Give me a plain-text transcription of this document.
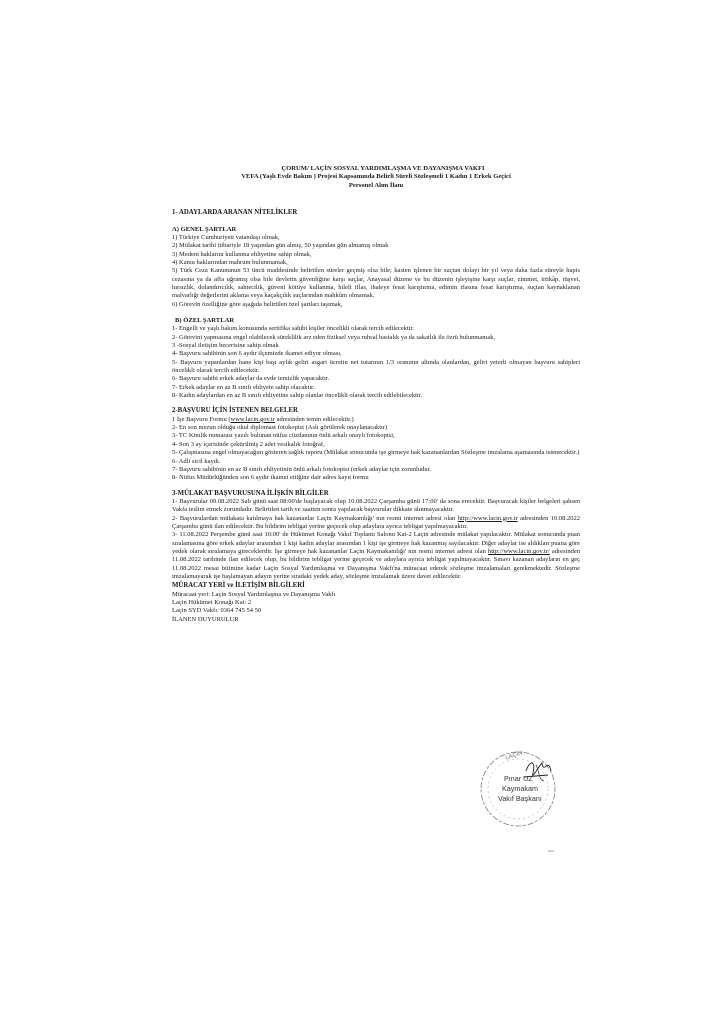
ÇORUM/ LAÇİN SOSYAL YARDIMLAŞMA VE DAYANIŞMA VAKFI
VEFA (Yaşlı Evde Bakım ) Projesi Kapsamında Belirli Süreli Sözleşmeli 1 Kadın 1 Erkek Geçici
Personel Alım İlanı
1- ADAYLARDA ARANAN NİTELİKLER
A) GENEL ŞARTLAR
1) Türkiye Cumhuriyeti vatandaşı olmak,
2) Mülakat tarihi itibariyle 18 yaşından gün almış, 50 yaşından gün almamış olmak
3) Medeni haklarını kullanma ehliyetine sahip olmak,
4) Kamu haklarından mahrum bulunmamak,
5) Türk Ceza Kanununun 53 üncü maddesinde belirtilen süreler geçmiş olsa bile; kasten işlenen bir suçtan dolayı bir yıl veya daha fazla süreyle hapis cezasına ya da affa uğramış olsa bile devletin güvenliğine karşı suçlar, Anayasal düzene ve bu düzenin işleyişine karşı suçlar, zimmet, irtikâp, rüşvet, hırsızlık, dolandırıcılık, sahtecilik, güveni kötüye kullanma, hileli iflas, ihaleye fesat karıştırma, edimin ifasına fesat karıştırma, suçtan kaynaklanan malvarlığı değerlerini aklama veya kaçakçılık suçlarından mahkûm olmamak.
6) Görevin özelliğine göre aşağıda belirtilen özel şartları taşımak,
B) ÖZEL ŞARTLAR
1- Engelli ve yaşlı bakım konusunda sertifika sahibi kişiler öncelikli olarak tercih edilecektir.
2- Görevini yapmasına engel olabilecek süreklilik arz eden fiziksel veya ruhsal hastalık ya da sakatlık ile özrü bulunmamak,
3 -Sosyal iletişim becerisine sahip olmak
4- Başvuru sahibinin son 6 aydır ilçemizde ikamet ediyor olması,
5- Başvuru yapanlardan hane kişi başı aylık geliri asgari ücretin net tutarının 1/3 oranının altında olanlardan, geliri yeterli olmayan başvuru sahipleri öncelikli olarak tercih edilecektir.
6- Başvuru sahibi erkek adaylar da evde temizlik yapacaktır.
7- Erkek adaylar en az B sınıfı ehliyete sahip olacaktır.
8- Kadın adaylardan en az B sınıfı ehliyetine sahip olanlar öncelikli olarak tercih edilebilecektir.
2-BAŞVURU İÇİN İSTENEN BELGELER
1 İşe Başvuru Formu (www.lacin.gov.tr adresinden temin edilecektir.)
2- En son mezun olduğu okul diplomast fotokopisi (Aslı görülerek onaylanacaktır)
3- TC Kimlik numarası yazılı bulunan nüfus cüzdanının önlü arkalı onaylı fotokopisi,
4- Son 3 ay içerisinde çektirilmiş 2 adet vesikalık fotoğraf,
5- Çalışmasına engel olmayacağını gösteren sağlık raporu (Mülakat sonucunda işe girmeye hak kazananlardan Sözleşme imzalama aşamasında istenecektir.)
6- Adli sicil kaydı.
7- Başvuru sahibinin en az B sınıfı ehliyetinin önlü arkalı fotokopisi (erkek adaylar için zorunludur.
8- Nüfus Müdürlüğünden son 6 aydır ikamet ettiğine dair adres kayıt formu
3-MÜLAKAT BAŞVURUSUNA İLİŞKİN BİLGİLER
1- Başvurular 09.08.2022 Salı günü saat 08:00'de başlayacak olup 10.08.2022 Çarşamba günü 17:00' da sona erecektir. Başvuracak kişiler belgeleri şahsen Vakfa teslim etmek zorundadır. Belirtilen tarih ve saatten sonra yapılacak başvurular dikkate alınmayacaktır.
2- Başvurulardan mülakata katılmaya hak kazananlar Laçin Kaymakamlığı' nın resmi internet adresi olan http://www.lacin.gov.tr adresinden 10.08.2022 Çarşamba günü ilan edilecektir. Bu bildirim tebligat yerine geçecek olup adaylara ayrıca tebligat yapılmayacaktır.
3- 11.08.2022 Perşembe günü saat 10:00' de Hükümet Konağı Vakıf Toplantı Salonu Kat-2 Laçin adresinde mülakat yapılacaktır. Mülakat sonucunda puan sıralamasına göre erkek adaylar arasından 1 kişi kadın adaylar arasından 1 kişi işe girmeye hak kazanmış sayılacaktır. Diğer adaylar ise aldıkları puana göre yedek olarak sıralamaya gireceklerdir. İşe girmeye hak kazananlar Laçin Kaymakamlığı' nın resmi internet adresi olan http://www.lacin.gov.tr/ adresinden 11.08.2022 tarihinde ilan edilecek olup, bu bildirim tebligat yerine geçecek ve adaylara ayrıca tebligat yapılmayacaktır. Sınavı kazanan adayların en geç 11.08.2022 mesai bitimine kadar Laçin Sosyal Yardımlaşma ve Dayanışma Vakfı'na müracaat ederek sözleşme imzalamaları gerekmektedir. Sözleşme imzalamayarak işe başlamayan adayın yerine sıradaki yedek aday, sözleşme imzalamak üzere davet edilecektir.
MÜRACAT YERİ ve İLETİŞİM BİLGİLERİ
Müracaat yeri: Laçin Sosyal Yardımlaşma ve Dayanışma Vakfı
Laçin Hükümet Konağı Kat: 2
Laçin SYD Vakfı: 0364 745 54 50
İLANEN DUYURULUR
LAÇİN
Pınar UZ
Kaymakam
Vakıf Başkanı
